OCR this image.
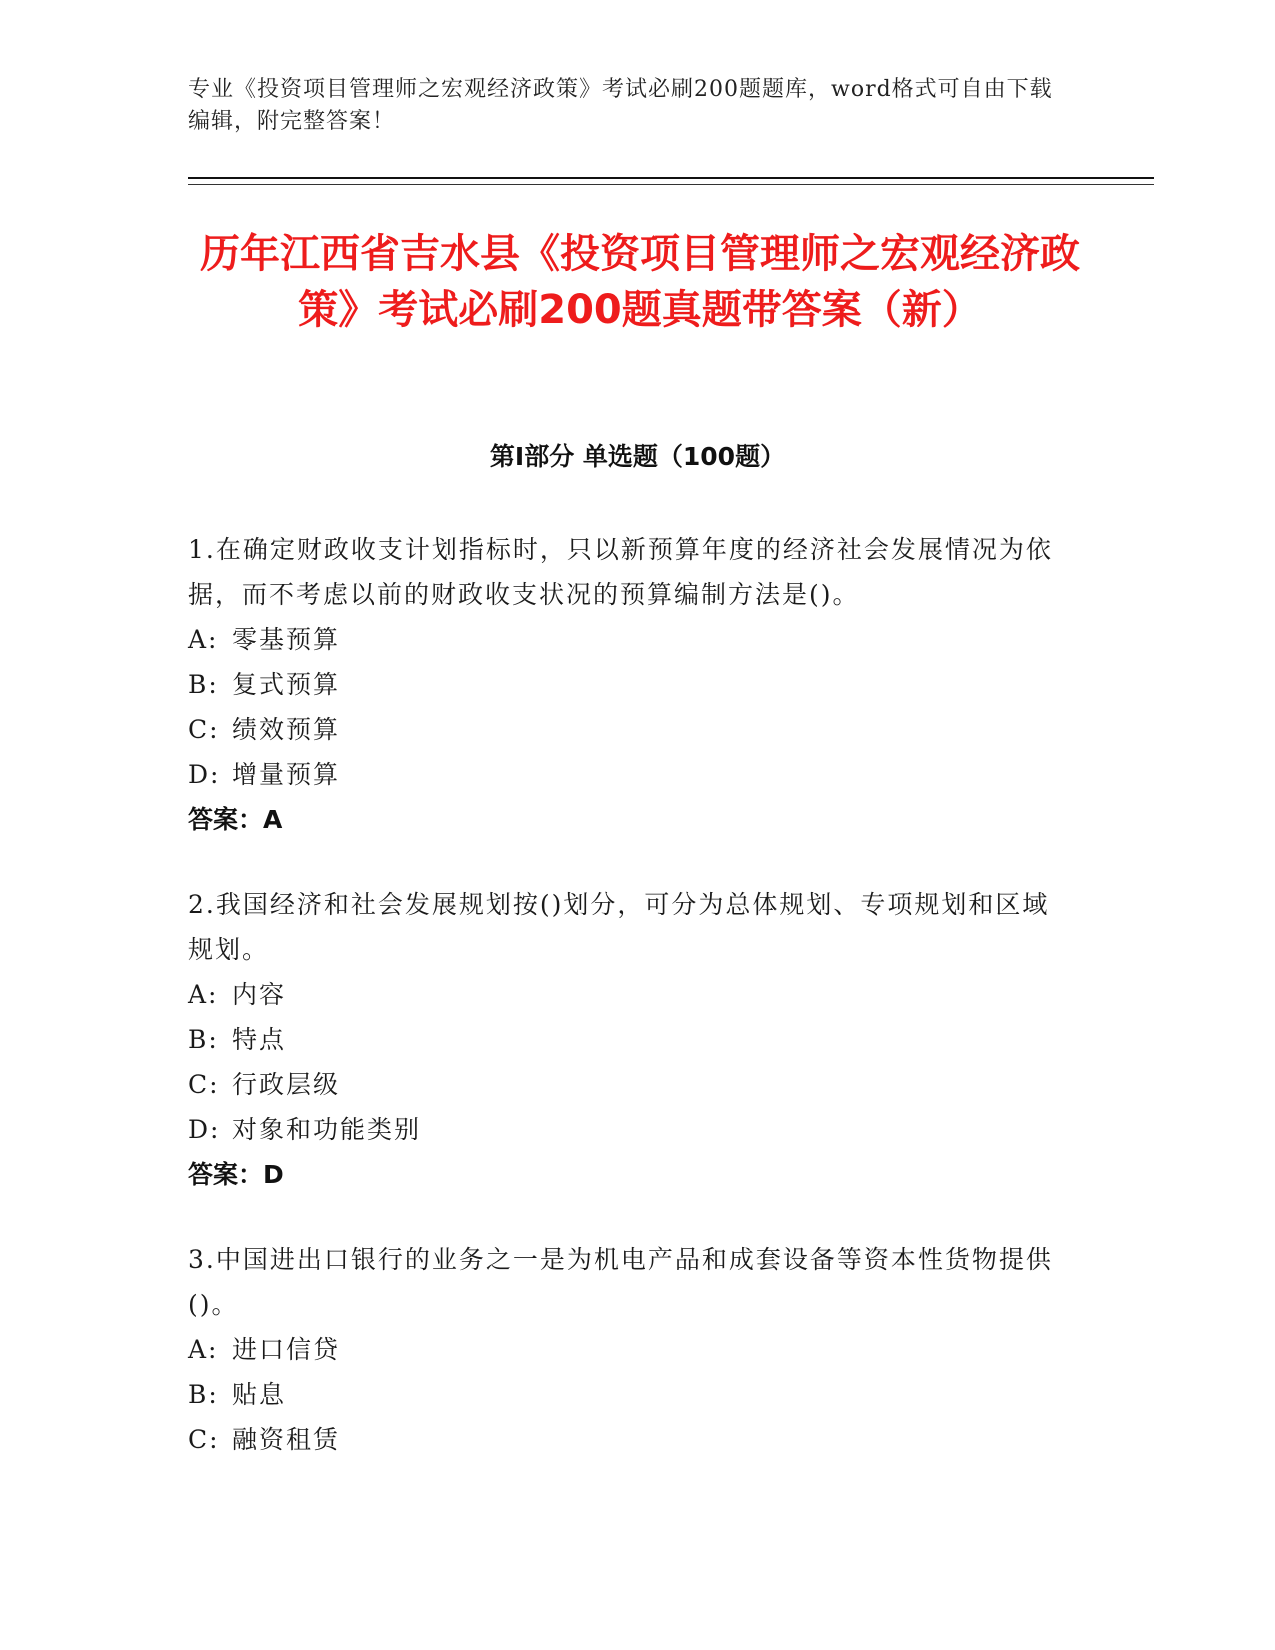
专业《投资项目管理师之宏观经济政策》考试必刷200题题库，word格式可自由下载编辑，附完整答案！
历年江西省吉水县《投资项目管理师之宏观经济政策》考试必刷200题真题带答案（新）
第I部分 单选题（100题）
1.在确定财政收支计划指标时，只以新预算年度的经济社会发展情况为依据，而不考虑以前的财政收支状况的预算编制方法是()。
A: 零基预算
B: 复式预算
C: 绩效预算
D: 增量预算
答案：A
2.我国经济和社会发展规划按()划分，可分为总体规划、专项规划和区域规划。
A: 内容
B: 特点
C: 行政层级
D: 对象和功能类别
答案：D
3.中国进出口银行的业务之一是为机电产品和成套设备等资本性货物提供()。
A: 进口信贷
B: 贴息
C: 融资租赁
